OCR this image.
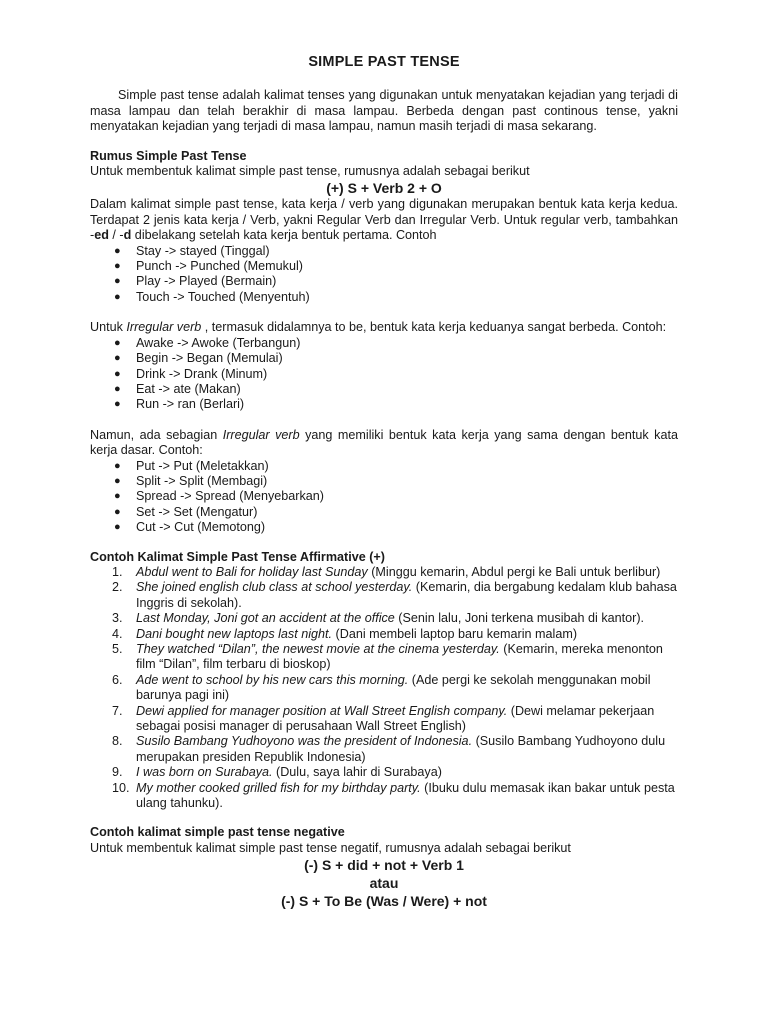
SIMPLE PAST TENSE

Simple past tense adalah kalimat tenses yang digunakan untuk menyatakan kejadian yang terjadi di masa lampau dan telah berakhir di masa lampau. Berbeda dengan past continous tense, yakni menyatakan kejadian yang terjadi di masa lampau, namun masih terjadi di masa sekarang.

Rumus Simple Past Tense

Untuk membentuk kalimat simple past tense, rumusnya adalah sebagai berikut

(+) S + Verb 2 + O

Dalam kalimat simple past tense, kata kerja / verb yang digunakan merupakan bentuk kata kerja kedua. Terdapat 2 jenis kata kerja / Verb, yakni Regular Verb dan Irregular Verb. Untuk regular verb, tambahkan -ed / -d dibelakang setelah kata kerja bentuk pertama. Contoh

● Stay -> stayed (Tinggal)
● Punch -> Punched (Memukul)
● Play -> Played (Bermain)
● Touch -> Touched (Menyentuh)

Untuk Irregular verb , termasuk didalamnya to be, bentuk kata kerja keduanya sangat berbeda. Contoh:

● Awake -> Awoke (Terbangun)
● Begin -> Began (Memulai)
● Drink -> Drank (Minum)
● Eat -> ate (Makan)
● Run -> ran (Berlari)

Namun, ada sebagian Irregular verb yang memiliki bentuk kata kerja yang sama dengan bentuk kata kerja dasar. Contoh:

● Put -> Put (Meletakkan)
● Split -> Split (Membagi)
● Spread -> Spread (Menyebarkan)
● Set -> Set (Mengatur)
● Cut -> Cut (Memotong)

Contoh Kalimat Simple Past Tense Affirmative (+)

1. Abdul went to Bali for holiday last Sunday (Minggu kemarin, Abdul pergi ke Bali untuk berlibur)
2. She joined english club class at school yesterday. (Kemarin, dia bergabung kedalam klub bahasa Inggris di sekolah).
3. Last Monday, Joni got an accident at the office (Senin lalu, Joni terkena musibah di kantor).
4. Dani bought new laptops last night. (Dani membeli laptop baru kemarin malam)
5. They watched “Dilan”, the newest movie at the cinema yesterday. (Kemarin, mereka menonton film “Dilan”, film terbaru di bioskop)
6. Ade went to school by his new cars this morning. (Ade pergi ke sekolah menggunakan mobil barunya pagi ini)
7. Dewi applied for manager position at Wall Street English company. (Dewi melamar pekerjaan sebagai posisi manager di perusahaan Wall Street English)
8. Susilo Bambang Yudhoyono was the president of Indonesia. (Susilo Bambang Yudhoyono dulu merupakan presiden Republik Indonesia)
9. I was born on Surabaya. (Dulu, saya lahir di Surabaya)
10. My mother cooked grilled fish for my birthday party. (Ibuku dulu memasak ikan bakar untuk pesta ulang tahunku).

Contoh kalimat simple past tense negative

Untuk membentuk kalimat simple past tense negatif, rumusnya adalah sebagai berikut

(-) S + did + not + Verb 1

atau

(-) S + To Be (Was / Were) + not
